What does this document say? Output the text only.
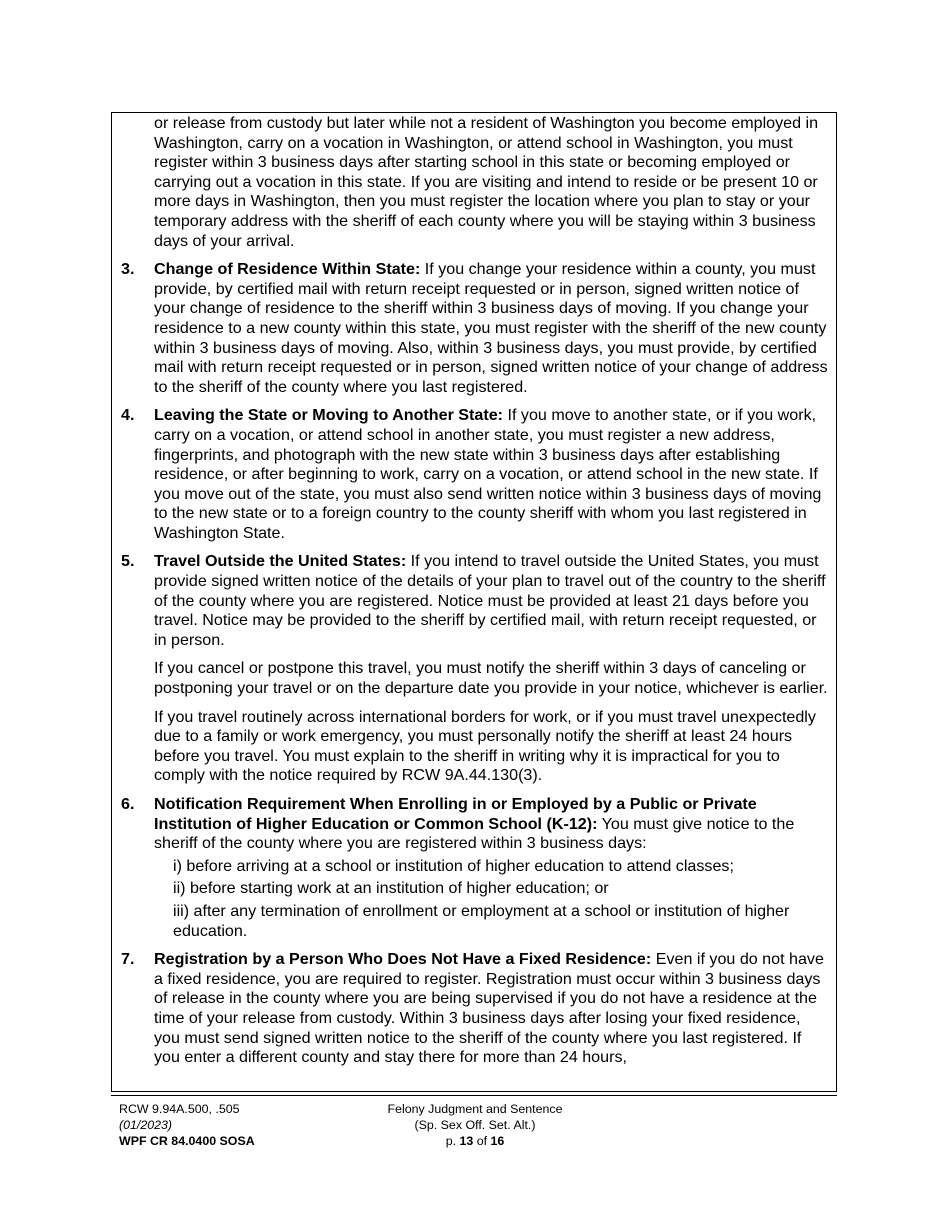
or release from custody but later while not a resident of Washington you become employed in Washington, carry on a vocation in Washington, or attend school in Washington, you must register within 3 business days after starting school in this state or becoming employed or carrying out a vocation in this state. If you are visiting and intend to reside or be present 10 or more days in Washington, then you must register the location where you plan to stay or your temporary address with the sheriff of each county where you will be staying within 3 business days of your arrival.

3.	Change of Residence Within State: If you change your residence within a county, you must provide, by certified mail with return receipt requested or in person, signed written notice of your change of residence to the sheriff within 3 business days of moving. If you change your residence to a new county within this state, you must register with the sheriff of the new county within 3 business days of moving. Also, within 3 business days, you must provide, by certified mail with return receipt requested or in person, signed written notice of your change of address to the sheriff of the county where you last registered.

4.	Leaving the State or Moving to Another State: If you move to another state, or if you work, carry on a vocation, or attend school in another state, you must register a new address, fingerprints, and photograph with the new state within 3 business days after establishing residence, or after beginning to work, carry on a vocation, or attend school in the new state. If you move out of the state, you must also send written notice within 3 business days of moving to the new state or to a foreign country to the county sheriff with whom you last registered in Washington State.

5.	Travel Outside the United States: If you intend to travel outside the United States, you must provide signed written notice of the details of your plan to travel out of the country to the sheriff of the county where you are registered. Notice must be provided at least 21 days before you travel. Notice may be provided to the sheriff by certified mail, with return receipt requested, or in person.

If you cancel or postpone this travel, you must notify the sheriff within 3 days of canceling or postponing your travel or on the departure date you provide in your notice, whichever is earlier.

If you travel routinely across international borders for work, or if you must travel unexpectedly due to a family or work emergency, you must personally notify the sheriff at least 24 hours before you travel. You must explain to the sheriff in writing why it is impractical for you to comply with the notice required by RCW 9A.44.130(3).

6.	Notification Requirement When Enrolling in or Employed by a Public or Private Institution of Higher Education or Common School (K-12): You must give notice to the sheriff of the county where you are registered within 3 business days:

i) before arriving at a school or institution of higher education to attend classes;

ii) before starting work at an institution of higher education; or

iii) after any termination of enrollment or employment at a school or institution of higher education.

7.	Registration by a Person Who Does Not Have a Fixed Residence: Even if you do not have a fixed residence, you are required to register. Registration must occur within 3 business days of release in the county where you are being supervised if you do not have a residence at the time of your release from custody. Within 3 business days after losing your fixed residence, you must send signed written notice to the sheriff of the county where you last registered. If you enter a different county and stay there for more than 24 hours,

RCW 9.94A.500, .505
(01/2023)
WPF CR 84.0400 SOSA
Felony Judgment and Sentence
(Sp. Sex Off. Set. Alt.)
p. 13 of 16
